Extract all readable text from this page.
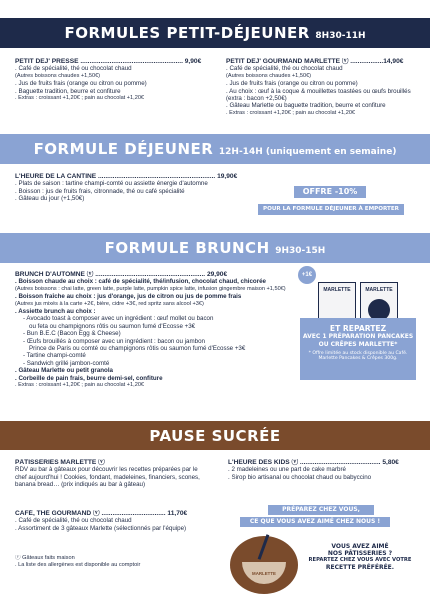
FORMULES PETIT-DÉJEUNER 8H30-11H
PETIT DEJ' PRESSE ........................................................ 9,90€
. Café de spécialité, thé ou chocolat chaud
(Autres boissons chaudes +1,50€)
. Jus de fruits frais (orange ou citron ou pomme)
. Baguette tradition, beurre et confiture
. Extras : croissant +1,20€ ; pain au chocolat +1,20€
PETIT DEJ' GOURMAND MARLETTE ⓥ ..................14,90€
. Café de spécialité, thé ou chocolat chaud
(Autres boissons chaudes +1,50€)
. Jus de fruits frais (orange ou citron ou pomme)
. Au choix : œuf à la coque & mouillettes toastées ou œufs brouillés (extra : bacon +2,50€)
. Gâteau Marlette ou baguette tradition, beurre et confiture
. Extras : croissant +1,20€ ; pain au chocolat +1,20€
FORMULE DÉJEUNER 12H-14H (uniquement en semaine)
L'HEURE DE LA CANTINE ................................................................ 19,90€
. Plats de saison : tartine champi-comté ou assiette énergie d'automne
. Boisson : jus de fruits frais, citronnade, thé ou café spécialité
. Gâteau du jour (+1,50€)
OFFRE -10%
POUR LA FORMULE DÉJEUNER À EMPORTER
FORMULE BRUNCH 9H30-15H
BRUNCH D'AUTOMNE ⓥ ............................................................ 29,90€
. Boisson chaude au choix : café de spécialité, thé/infusion, chocolat chaud, chicorée
(Autres boissons : chai latte, green latte, purple latte, pumpkin spice latte, infusion gingembre maison +1,50€)
. Boisson fraîche au choix : jus d'orange, jus de citron ou jus de pomme frais
(Autres jus mixés à la carte +2€, bière, cidre +3€, red spritz sans alcool +3€)
. Assiette brunch au choix :
- Avocado toast à composer avec un ingrédient : œuf mollet ou bacon
ou feta ou champignons rôtis ou saumon fumé d'Ecosse +3€
- Bun B.E.C (Bacon Egg & Cheese)
- Œufs brouillés à composer avec un ingrédient : bacon ou jambon
Prince de Paris ou comté ou champignons rôtis ou saumon fumé d'Ecosse +3€
- Tartine champi-comté
- Sandwich grillé jambon-comté
. Gâteau Marlette ou petit granola
. Corbeille de pain frais, beurre demi-sel, confiture
. Extras : croissant +1,20€ ; pain au chocolat +1,20€
+1€
MARLETTE	MARLETTE
ET REPARTEZ
AVEC 1 PRÉPARATION PANCAKES
OU CRÊPES MARLETTE*
* Offre limitée au stock disponible au Café. Marlette Pancakes & Crêpes 300g.
PAUSE SUCRÉE
PÂTISSERIES MARLETTE ⓥ
RDV au bar à gâteaux pour découvrir les recettes préparées par le chef aujourd'hui ! Cookies, fondant, madeleines, financiers, scones, banana bread… (prix indiqués au bar à gâteau)
CAFÉ, THÉ GOURMAND ⓥ ................................... 11,70€
. Café de spécialité, thé ou chocolat chaud
. Assortiment de 3 gâteaux Marlette (sélectionnés par l'équipe)
ⓥ Gâteaux faits maison
. La liste des allergènes est disponible au comptoir
L'HEURE DES KIDS ⓥ ............................................ 5,80€
. 2 madeleines ou une part de cake marbré
. Sirop bio artisanal ou chocolat chaud ou babyccino
PRÉPAREZ CHEZ VOUS,
CE QUE VOUS AVEZ AIMÉ CHEZ NOUS !
MARLETTE
VOUS AVEZ AIMÉ
NOS PÂTISSERIES ?
REPARTEZ CHEZ VOUS AVEC VOTRE
RECETTE PRÉFÉRÉE.
